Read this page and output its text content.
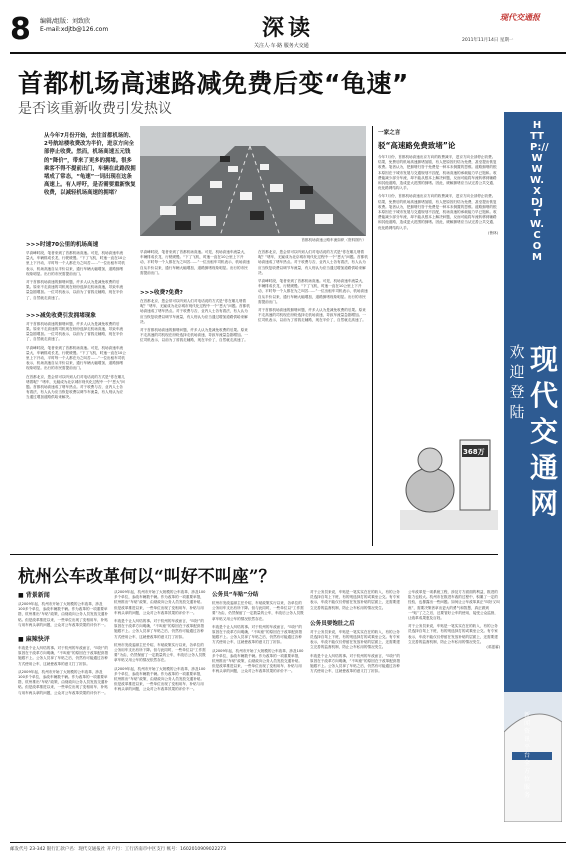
8 编辑/组版：刘致欣
E-mail:xdjtb@126.com	深读
关注人·车·路 服务大交通
现代交通报
2011年11月14日 星期一
首都机场高速路减免费后变“龟速”
是否该重新收费引发热议
从今年7月份开始，去往首都机场的、2号航站楼收费改为半价，进京方向全部停止收费。然而，机场高速五元钱的“降价”，带来了更多的拥堵。很多乘客不得不提前出门，车辆在此路段拥堵成了常态，“龟速”一词出现在这条高速上。有人呼吁，是否需要重新恢复收费，以减轻机场高速的拥堵？
首都机场高速公路车流如织（资料图片）
>>>时速70公里的机场高速
早高峰时段，笔者来到了首都机场高速。可见，机场高速车流量大，车辆排成长龙，行驶缓慢。“下了飞机，时速一直在10公里上下开动，平时每一个人都在为之叫苦……”一位出租车司机表示，机场高速自从半价以来，通行车辆大幅增加，道路拥堵现象明显。出行的市民需提前出门。
对于首都机场高速的拥堵问题，许多人认为是减免收费的后果。原来不走高速的司机现在纷纷选择走机场高速，导致车流量急剧增加。一位司机表示，以前为了省钱走辅路，现在半价了，自然就走高速了。
>>>减免收费引发拥堵现象
对于首都机场高速的拥堵问题，许多人认为是减免收费的后果。原来不走高速的司机现在纷纷选择走机场高速，导致车流量急剧增加。一位司机表示，以前为了省钱走辅路，现在半价了，自然就走高速了。
早高峰时段，笔者来到了首都机场高速。可见，机场高速车流量大，车辆排成长龙，行驶缓慢。“下了飞机，时速一直在10公里上下开动，平时每一个人都在为之叫苦……”一位出租车司机表示，机场高速自从半价以来，通行车辆大幅增加，道路拥堵现象明显。出行的市民需提前出门。
在首都北京，您会常可以听到人们对电话说的方式是“你在哪儿堵着呢？”堵车，无疑成为北京城市现代化过程中一个“恶大”问题。首都机场高速成了堵车热点。对于收费与否，业内人士各有看法，有人认为应当恢复收费以调节车流量，有人则认为应当通过增加道路供给来解决。
早高峰时段，笔者来到了首都机场高速。可见，机场高速车流量大，车辆排成长龙，行驶缓慢。“下了飞机，时速一直在10公里上下开动，平时每一个人都在为之叫苦……”一位出租车司机表示，机场高速自从半价以来，通行车辆大幅增加，道路拥堵现象明显。出行的市民需提前出门。
>>>收费?免费?
在首都北京，您会常可以听到人们对电话说的方式是“你在哪儿堵着呢？”堵车，无疑成为北京城市现代化过程中一个“恶大”问题。首都机场高速成了堵车热点。对于收费与否，业内人士各有看法，有人认为应当恢复收费以调节车流量，有人则认为应当通过增加道路供给来解决。
对于首都机场高速的拥堵问题，许多人认为是减免收费的后果。原来不走高速的司机现在纷纷选择走机场高速，导致车流量急剧增加。一位司机表示，以前为了省钱走辅路，现在半价了，自然就走高速了。
在首都北京，您会常可以听到人们对电话说的方式是“你在哪儿堵着呢？”堵车，无疑成为北京城市现代化过程中一个“恶大”问题。首都机场高速成了堵车热点。对于收费与否，业内人士各有看法，有人认为应当恢复收费以调节车流量，有人则认为应当通过增加道路供给来解决。
早高峰时段，笔者来到了首都机场高速。可见，机场高速车流量大，车辆排成长龙，行驶缓慢。“下了飞机，时速一直在10公里上下开动，平时每一个人都在为之叫苦……”一位出租车司机表示，机场高速自从半价以来，通行车辆大幅增加，道路拥堵现象明显。出行的市民需提前出门。
对于首都机场高速的拥堵问题，许多人认为是减免收费的后果。原来不走高速的司机现在纷纷选择走机场高速，导致车流量急剧增加。一位司机表示，以前为了省钱走辅路，现在半价了，自然就走高速了。
一家之言
驳“高速路免费致堵”论
今年7月份，首都机场高速出京方向的收费减半，进京方向全部停止收费。结果，免费后的机场高速拥堵加剧，有人把原因归结为免费，甚至提出恢复收费。笔者认为，把拥堵归咎于免费是一种本末倒置的思维。道路拥堵的根本原因在于城市发展与交通规划不匹配，机场高速的承载能力早已饱和。收费能减少部分车流，却不能从根本上解决问题，反而可能将车流转移到辅路和其他道路，造成更大范围的拥堵。因此，缓解拥堵应当从完善公共交通、优化路网结构入手。
今年7月份，首都机场高速出京方向的收费减半，进京方向全部停止收费。结果，免费后的机场高速拥堵加剧，有人把原因归结为免费，甚至提出恢复收费。笔者认为，把拥堵归咎于免费是一种本末倒置的思维。道路拥堵的根本原因在于城市发展与交通规划不匹配，机场高速的承载能力早已饱和。收费能减少部分车流，却不能从根本上解决问题，反而可能将车流转移到辅路和其他道路，造成更大范围的拥堵。因此，缓解拥堵应当从完善公共交通、优化路网结构入手。
(鲁林)
368万
杭州公车改革何以“叫好不叫座”？
■ 背景新闻
从2009年起，杭州市开始了大规模的公车改革，涉及100多个单位，参改车辆数千辆。作为改革的一项重要举措，杭州推出“车贴”政策，由财政向公务人员发放交通补贴。但是改革推进以来，一些单位出现了变相用车、补贴与用车两头拿的问题，公众对公车改革效果的评价不一。
■ 麻辣快评
车改是个让人纠结的事。对于杭州的车改而言，“叫好”的原因在于改革方向明确，“不叫座”的原因在于改革配套措施跟不上。公务人员拿了车贴之后，仍然有可能通过各种方式使用公车，这就使改革的意义打了折扣。
从2009年起，杭州市开始了大规模的公车改革，涉及100多个单位，参改车辆数千辆。作为改革的一项重要举措，杭州推出“车贴”政策，由财政向公务人员发放交通补贴。但是改革推进以来，一些单位出现了变相用车、补贴与用车两头拿的问题，公众对公车改革效果的评价不一。
从2009年起，杭州市开始了大规模的公车改革，涉及100多个单位，参改车辆数千辆。作为改革的一项重要举措，杭州推出“车贴”政策，由财政向公务人员发放交通补贴。但是改革推进以来，一些单位出现了变相用车、补贴与用车两头拿的问题，公众对公车改革效果的评价不一。
车改是个让人纠结的事。对于杭州的车改而言，“叫好”的原因在于改革方向明确，“不叫座”的原因在于改革配套措施跟不上。公务人员拿了车贴之后，仍然有可能通过各种方式使用公车，这就使改革的意义打了折扣。
杭州市发改委副主任介绍，车贴政策实行以来，各单位的公务用车支出有所下降。但与此同时，一些单位以“工作需要”为由，仍然保留了一定数量的公车，车改后公务人员既拿车贴又用公车的情况依然存在。
从2009年起，杭州市开始了大规模的公车改革，涉及100多个单位，参改车辆数千辆。作为改革的一项重要举措，杭州推出“车贴”政策，由财政向公务人员发放交通补贴。但是改革推进以来，一些单位出现了变相用车、补贴与用车两头拿的问题，公众对公车改革效果的评价不一。
公务员“车贴”分结
杭州市发改委副主任介绍，车贴政策实行以来，各单位的公务用车支出有所下降。但与此同时，一些单位以“工作需要”为由，仍然保留了一定数量的公车，车改后公务人员既拿车贴又用公车的情况依然存在。
车改是个让人纠结的事。对于杭州的车改而言，“叫好”的原因在于改革方向明确，“不叫座”的原因在于改革配套措施跟不上。公务人员拿了车贴之后，仍然有可能通过各种方式使用公车，这就使改革的意义打了折扣。
从2009年起，杭州市开始了大规模的公车改革，涉及100多个单位，参改车辆数千辆。作为改革的一项重要举措，杭州推出“车贴”政策，由财政向公务人员发放交通补贴。但是改革推进以来，一些单位出现了变相用车、补贴与用车两头拿的问题，公众对公车改革效果的评价不一。
对于公务员来说，车贴是一笔实实在在的收入，有的公务员选择自驾上下班，有的则选择打的或乘坐公交。有专家表示，车改不能仅仅停留在发放补贴的层面上，还需要建立完善的监督机制，防止公车私用的情况发生。
公务员要饱肚之后
对于公务员来说，车贴是一笔实实在在的收入，有的公务员选择自驾上下班，有的则选择打的或乘坐公交。有专家表示，车改不能仅仅停留在发放补贴的层面上，还需要建立完善的监督机制，防止公车私用的情况发生。
车改是个让人纠结的事。对于杭州的车改而言，“叫好”的原因在于改革方向明确，“不叫座”的原因在于改革配套措施跟不上。公务人员拿了车贴之后，仍然有可能通过各种方式使用公车，这就使改革的意义打了折扣。
公车改革是一项系统工程，涉及方方面面的利益，推进的阻力也较大。杭州市在推进车改的过程中，积累了一定的经验，也暴露出一些问题。如何让公车改革真正“叫好又叫座”，需要决策者拿出更大的勇气和智慧，真正做到一“贴”了之之后，还要管好公车的使用，接受公众监督，让改革成果惠及百姓。
对于公务员来说，车贴是一笔实实在在的收入，有的公务员选择自驾上下班，有的则选择打的或乘坐公交。有专家表示，车改不能仅仅停留在发放补贴的层面上，还需要建立完善的监督机制，防止公车私用的情况发生。
(邓滋睿)
HTTP://WWW.XDJTW.COM
欢迎登陆
现代交通网
新闻资讯平台 全方位服务
邮发代号 23-342 银行汇款户名：现代交通报社 开户行：工行济南市中区支行 帐号：1602010909022273
